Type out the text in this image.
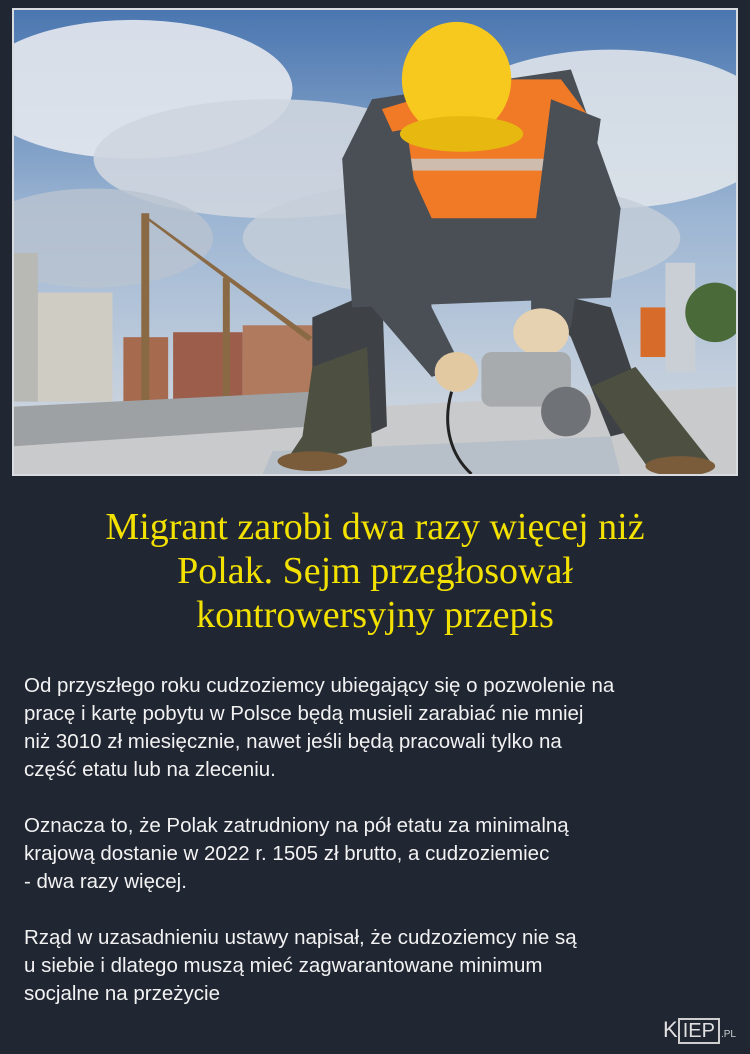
Migrant zarobi dwa razy więcej niż
Polak. Sejm przegłosował
kontrowersyjny przepis

Od przyszłego roku cudzoziemcy ubiegający się o pozwolenie na
pracę i kartę pobytu w Polsce będą musieli zarabiać nie mniej
niż 3010 zł miesięcznie, nawet jeśli będą pracowali tylko na
część etatu lub na zleceniu.

Oznacza to, że Polak zatrudniony na pół etatu za minimalną
krajową dostanie w 2022 r. 1505 zł brutto, a cudzoziemiec
- dwa razy więcej.

Rząd w uzasadnieniu ustawy napisał, że cudzoziemcy nie są
u siebie i dlatego muszą mieć zagwarantowane minimum
socjalne na przeżycie

K IEP .PL
